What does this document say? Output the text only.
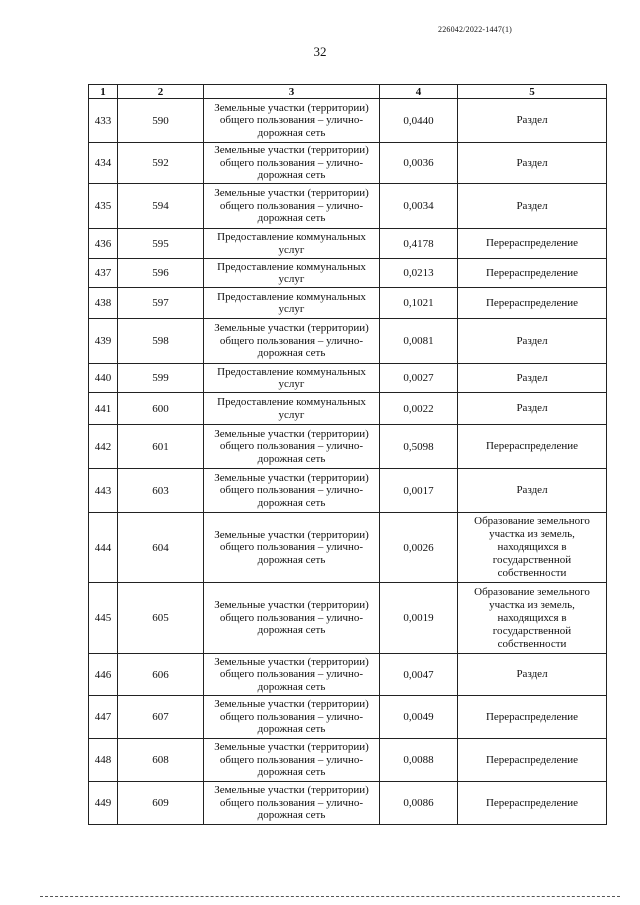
226042/2022-1447(1)
32
1	2	3	4	5
433	590	Земельные участки (территории) общего пользования – улично-дорожная сеть	0,0440	Раздел
434	592	Земельные участки (территории) общего пользования – улично-дорожная сеть	0,0036	Раздел
435	594	Земельные участки (территории) общего пользования – улично-дорожная сеть	0,0034	Раздел
436	595	Предоставление коммунальных услуг	0,4178	Перераспределение
437	596	Предоставление коммунальных услуг	0,0213	Перераспределение
438	597	Предоставление коммунальных услуг	0,1021	Перераспределение
439	598	Земельные участки (территории) общего пользования – улично-дорожная сеть	0,0081	Раздел
440	599	Предоставление коммунальных услуг	0,0027	Раздел
441	600	Предоставление коммунальных услуг	0,0022	Раздел
442	601	Земельные участки (территории) общего пользования – улично-дорожная сеть	0,5098	Перераспределение
443	603	Земельные участки (территории) общего пользования – улично-дорожная сеть	0,0017	Раздел
444	604	Земельные участки (территории) общего пользования – улично-дорожная сеть	0,0026	Образование земельного участка из земель, находящихся в государственной собственности
445	605	Земельные участки (территории) общего пользования – улично-дорожная сеть	0,0019	Образование земельного участка из земель, находящихся в государственной собственности
446	606	Земельные участки (территории) общего пользования – улично-дорожная сеть	0,0047	Раздел
447	607	Земельные участки (территории) общего пользования – улично-дорожная сеть	0,0049	Перераспределение
448	608	Земельные участки (территории) общего пользования – улично-дорожная сеть	0,0088	Перераспределение
449	609	Земельные участки (территории) общего пользования – улично-дорожная сеть	0,0086	Перераспределение
